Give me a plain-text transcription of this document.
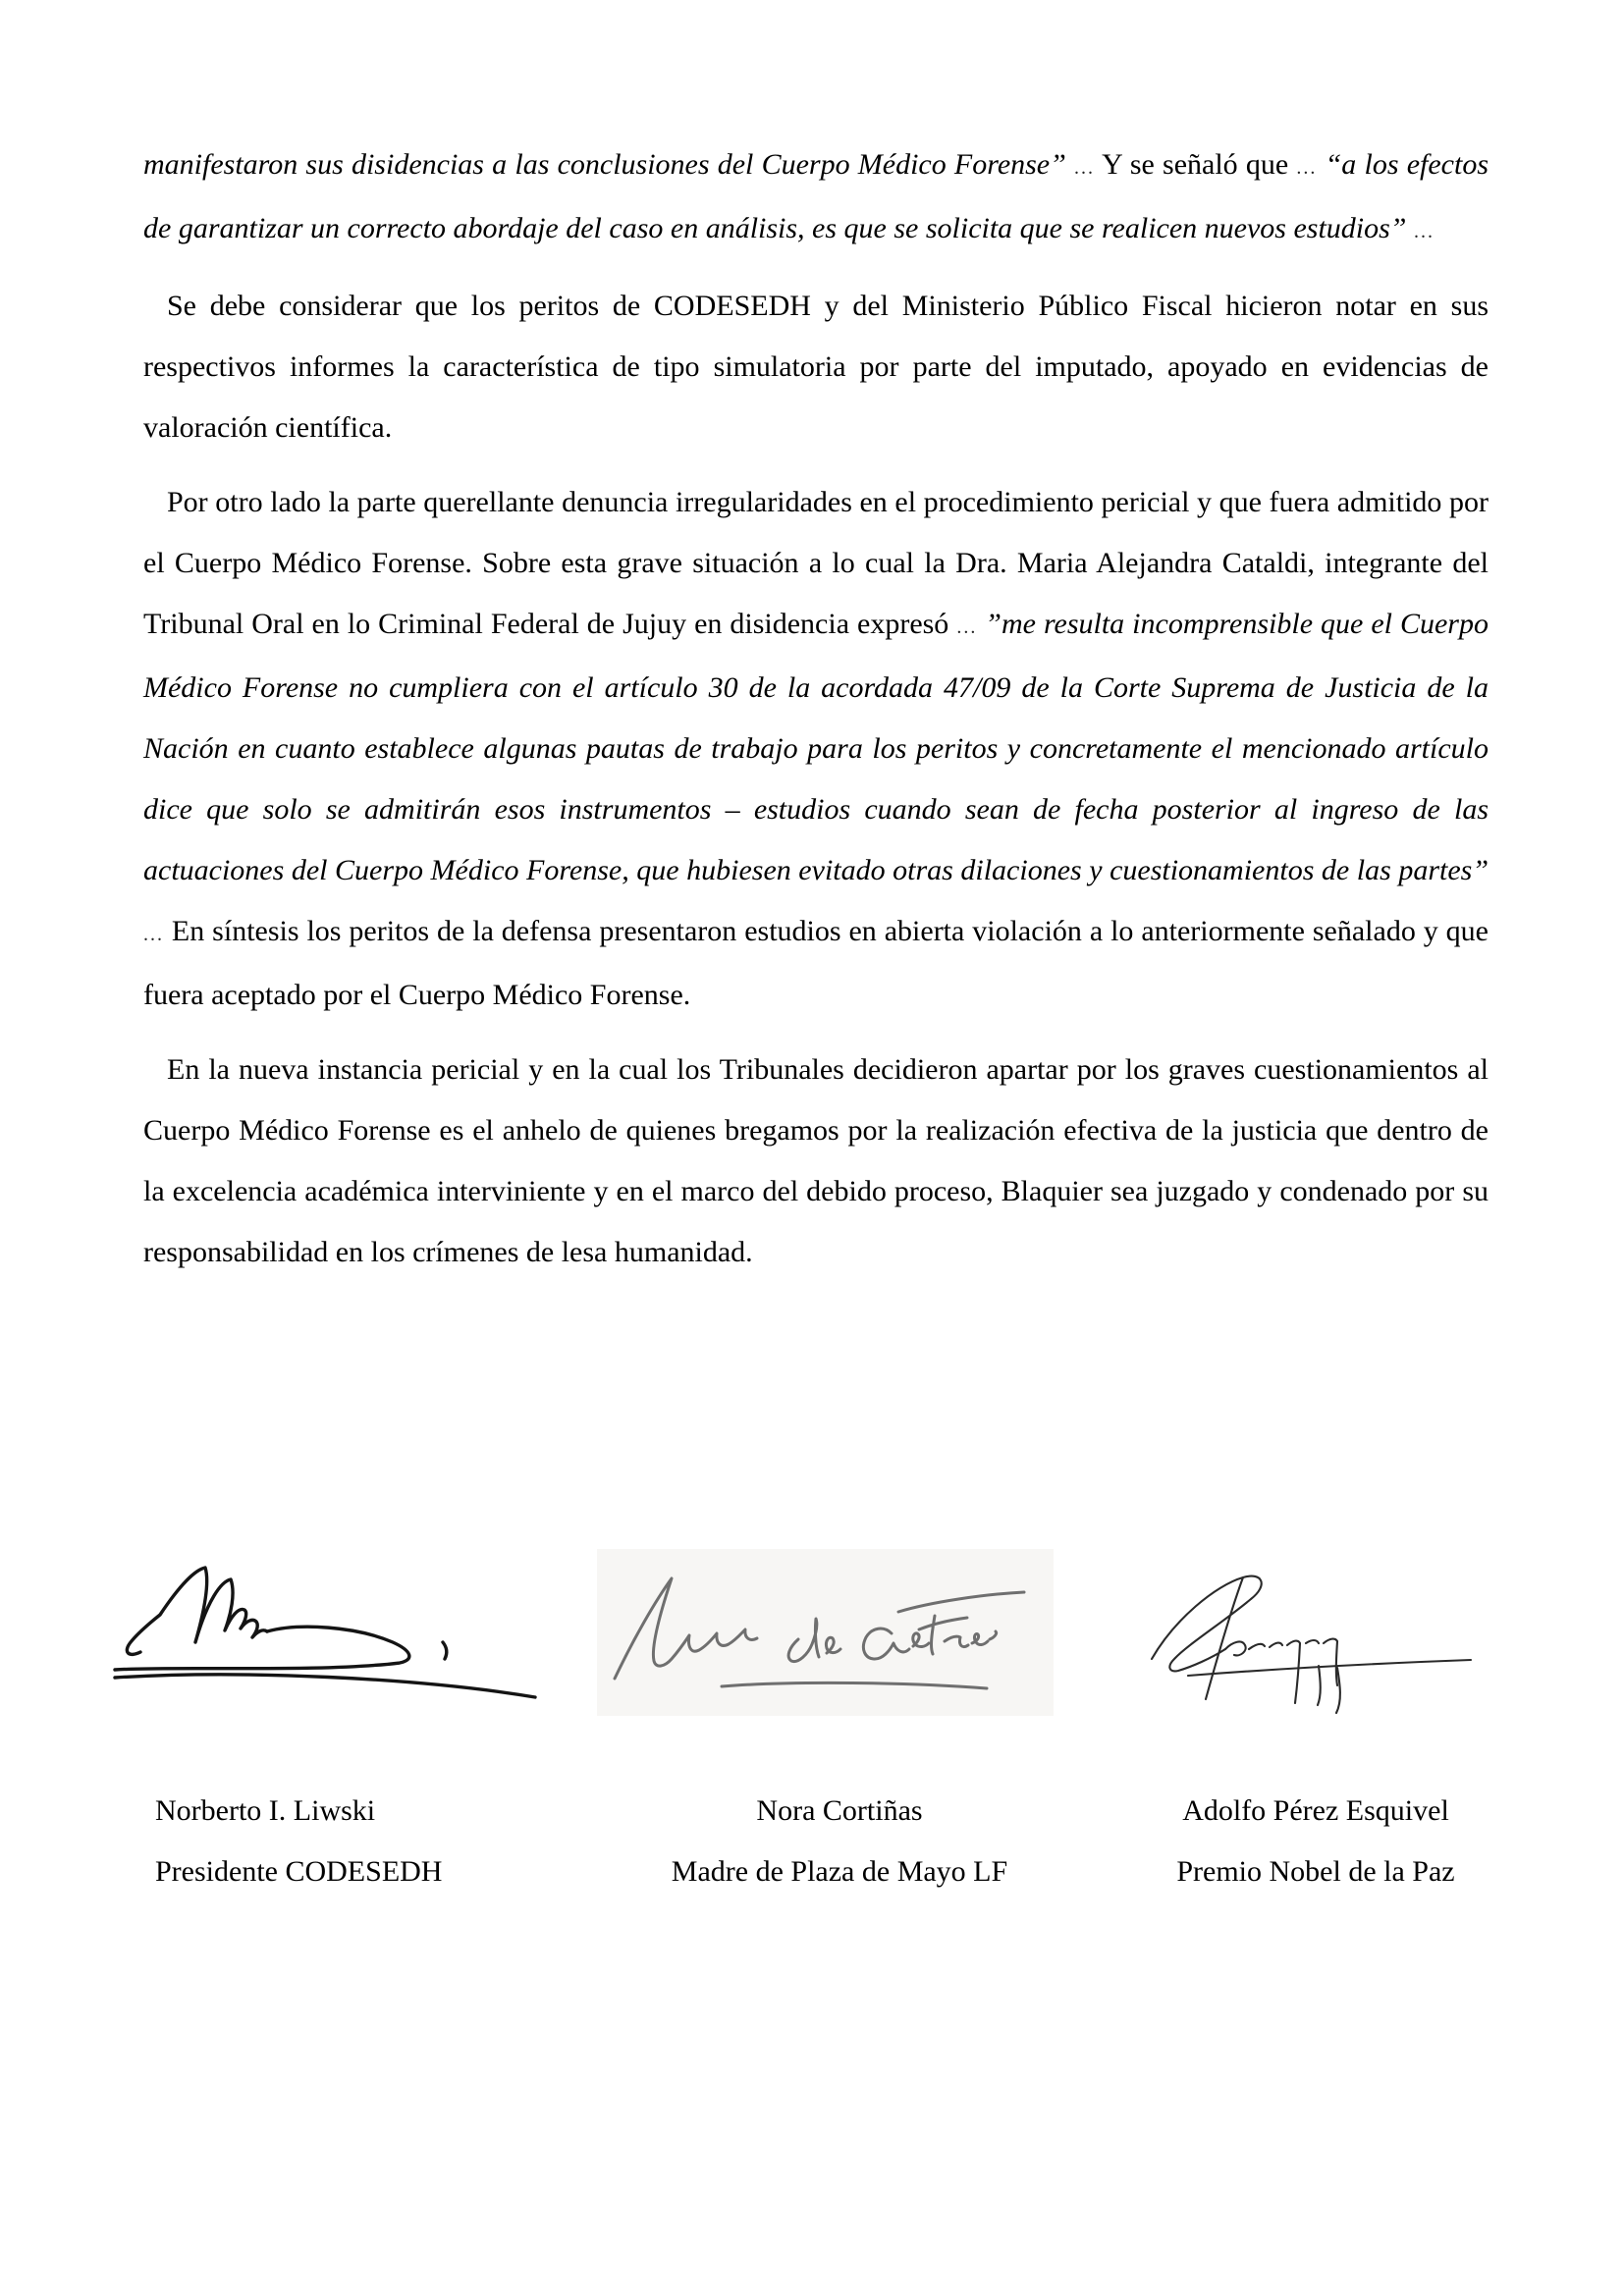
manifestaron sus disidencias a las conclusiones del Cuerpo Médico Forense” ... Y se señaló que ... “a los efectos de garantizar un correcto abordaje del caso en análisis, es que se solicita que se realicen nuevos estudios” ...

Se debe considerar que los peritos de CODESEDH y del Ministerio Público Fiscal hicieron notar en sus respectivos informes la característica de tipo simulatoria por parte del imputado, apoyado en evidencias de valoración científica.

Por otro lado la parte querellante denuncia irregularidades en el procedimiento pericial y que fuera admitido por el Cuerpo Médico Forense. Sobre esta grave situación a lo cual la Dra. Maria Alejandra Cataldi, integrante del Tribunal Oral en lo Criminal Federal de Jujuy en disidencia expresó ... ”me resulta incomprensible que el Cuerpo Médico Forense no cumpliera con el artículo 30 de la acordada 47/09 de la Corte Suprema de Justicia de la Nación en cuanto establece algunas pautas de trabajo para los peritos y concretamente el mencionado artículo dice que solo se admitirán esos instrumentos – estudios cuando sean de fecha posterior al ingreso de las actuaciones del Cuerpo Médico Forense, que hubiesen evitado otras dilaciones y cuestionamientos de las partes” ... En síntesis los peritos de la defensa presentaron estudios en abierta violación a lo anteriormente señalado y que fuera aceptado por el Cuerpo Médico Forense.

En la nueva instancia pericial y en la cual los Tribunales decidieron apartar por los graves cuestionamientos al Cuerpo Médico Forense es el anhelo de quienes bregamos por la realización efectiva de la justicia que dentro de la excelencia académica interviniente y en el marco del debido proceso, Blaquier sea juzgado y condenado por su responsabilidad en los crímenes de lesa humanidad.

Norberto I. Liwski
Presidente CODESEDH
Nora Cortiñas
Madre de Plaza de Mayo LF
Adolfo Pérez Esquivel
Premio Nobel de la Paz
